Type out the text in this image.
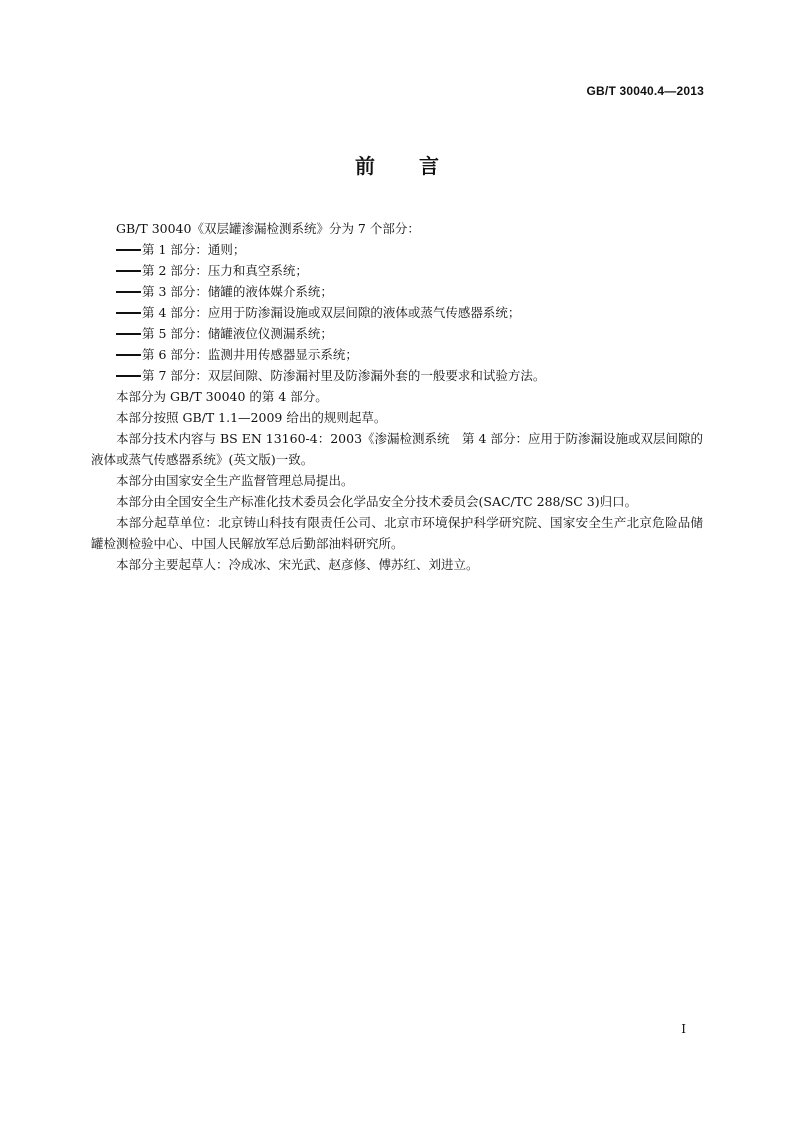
GB/T 30040.4—2013
前言

GB/T 30040《双层罐渗漏检测系统》分为 7 个部分：

第 1 部分：通则；

第 2 部分：压力和真空系统；

第 3 部分：储罐的液体媒介系统；

第 4 部分：应用于防渗漏设施或双层间隙的液体或蒸气传感器系统；

第 5 部分：储罐液位仪测漏系统；

第 6 部分：监测井用传感器显示系统；

第 7 部分：双层间隙、防渗漏衬里及防渗漏外套的一般要求和试验方法。

本部分为 GB/T 30040 的第 4 部分。

本部分按照 GB/T 1.1—2009 给出的规则起草。

本部分技术内容与 BS EN 13160-4：2003《渗漏检测系统　第 4 部分：应用于防渗漏设施或双层间隙的液体或蒸气传感器系统》(英文版)一致。

本部分由国家安全生产监督管理总局提出。

本部分由全国安全生产标准化技术委员会化学品安全分技术委员会(SAC/TC 288/SC 3)归口。

本部分起草单位：北京铸山科技有限责任公司、北京市环境保护科学研究院、国家安全生产北京危险品储罐检测检验中心、中国人民解放军总后勤部油料研究所。

本部分主要起草人：冷成冰、宋光武、赵彦修、傅苏红、刘进立。

I
